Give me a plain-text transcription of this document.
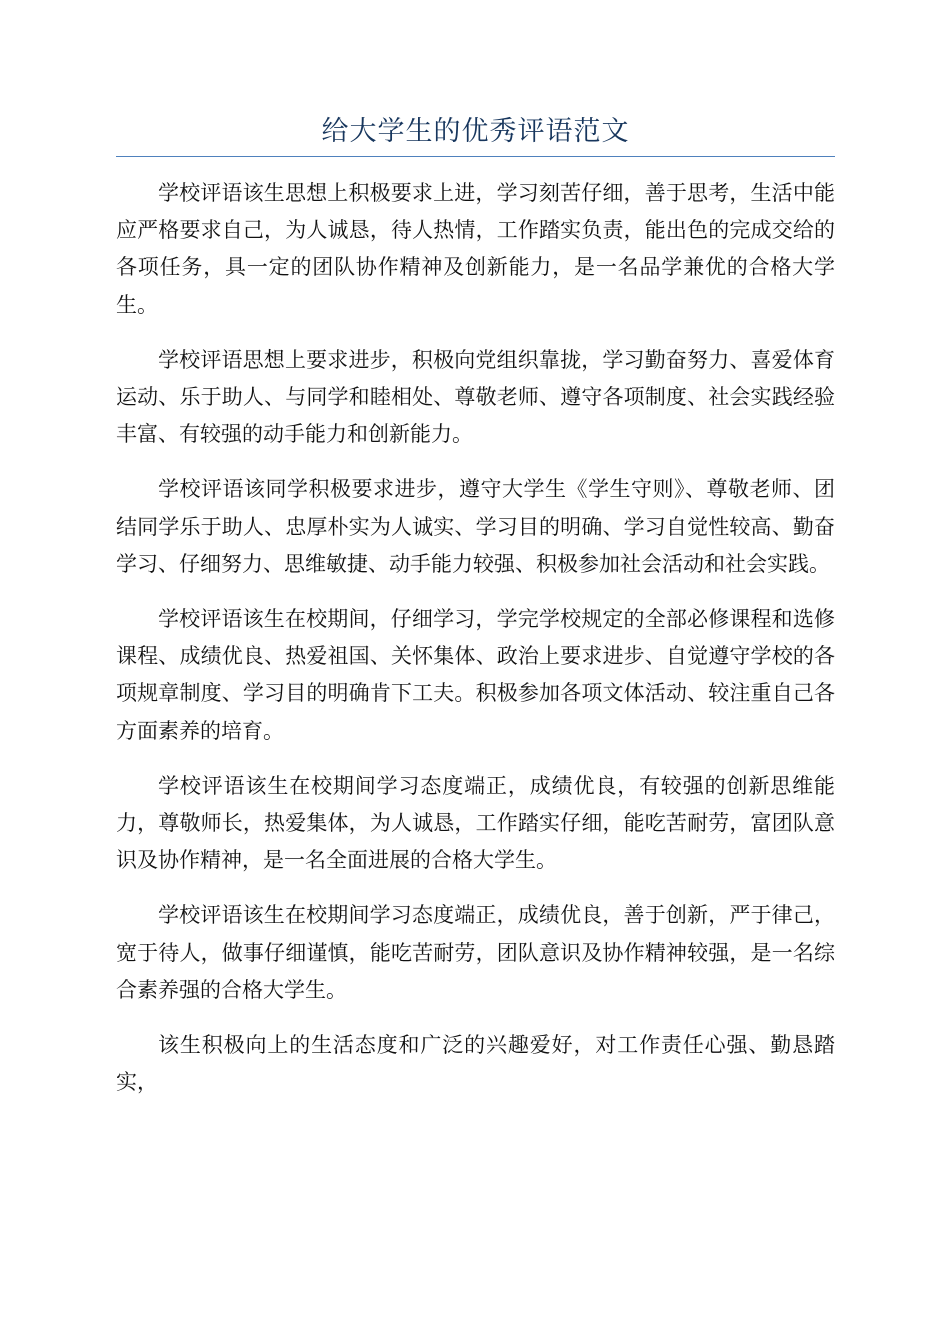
给大学生的优秀评语范文

学校评语该生思想上积极要求上进，学习刻苦仔细，善于思考，生活中能应严格要求自己，为人诚恳，待人热情，工作踏实负责，能出色的完成交给的各项任务，具一定的团队协作精神及创新能力，是一名品学兼优的合格大学生。

学校评语思想上要求进步，积极向党组织靠拢，学习勤奋努力、喜爱体育运动、乐于助人、与同学和睦相处、尊敬老师、遵守各项制度、社会实践经验丰富、有较强的动手能力和创新能力。

学校评语该同学积极要求进步，遵守大学生《学生守则》、尊敬老师、团结同学乐于助人、忠厚朴实为人诚实、学习目的明确、学习自觉性较高、勤奋学习、仔细努力、思维敏捷、动手能力较强、积极参加社会活动和社会实践。

学校评语该生在校期间，仔细学习，学完学校规定的全部必修课程和选修课程、成绩优良、热爱祖国、关怀集体、政治上要求进步、自觉遵守学校的各项规章制度、学习目的明确肯下工夫。积极参加各项文体活动、较注重自己各方面素养的培育。

学校评语该生在校期间学习态度端正，成绩优良，有较强的创新思维能力，尊敬师长，热爱集体，为人诚恳，工作踏实仔细，能吃苦耐劳，富团队意识及协作精神，是一名全面进展的合格大学生。

学校评语该生在校期间学习态度端正，成绩优良，善于创新，严于律己，宽于待人，做事仔细谨慎，能吃苦耐劳，团队意识及协作精神较强，是一名综合素养强的合格大学生。

该生积极向上的生活态度和广泛的兴趣爱好，对工作责任心强、勤恳踏实，
